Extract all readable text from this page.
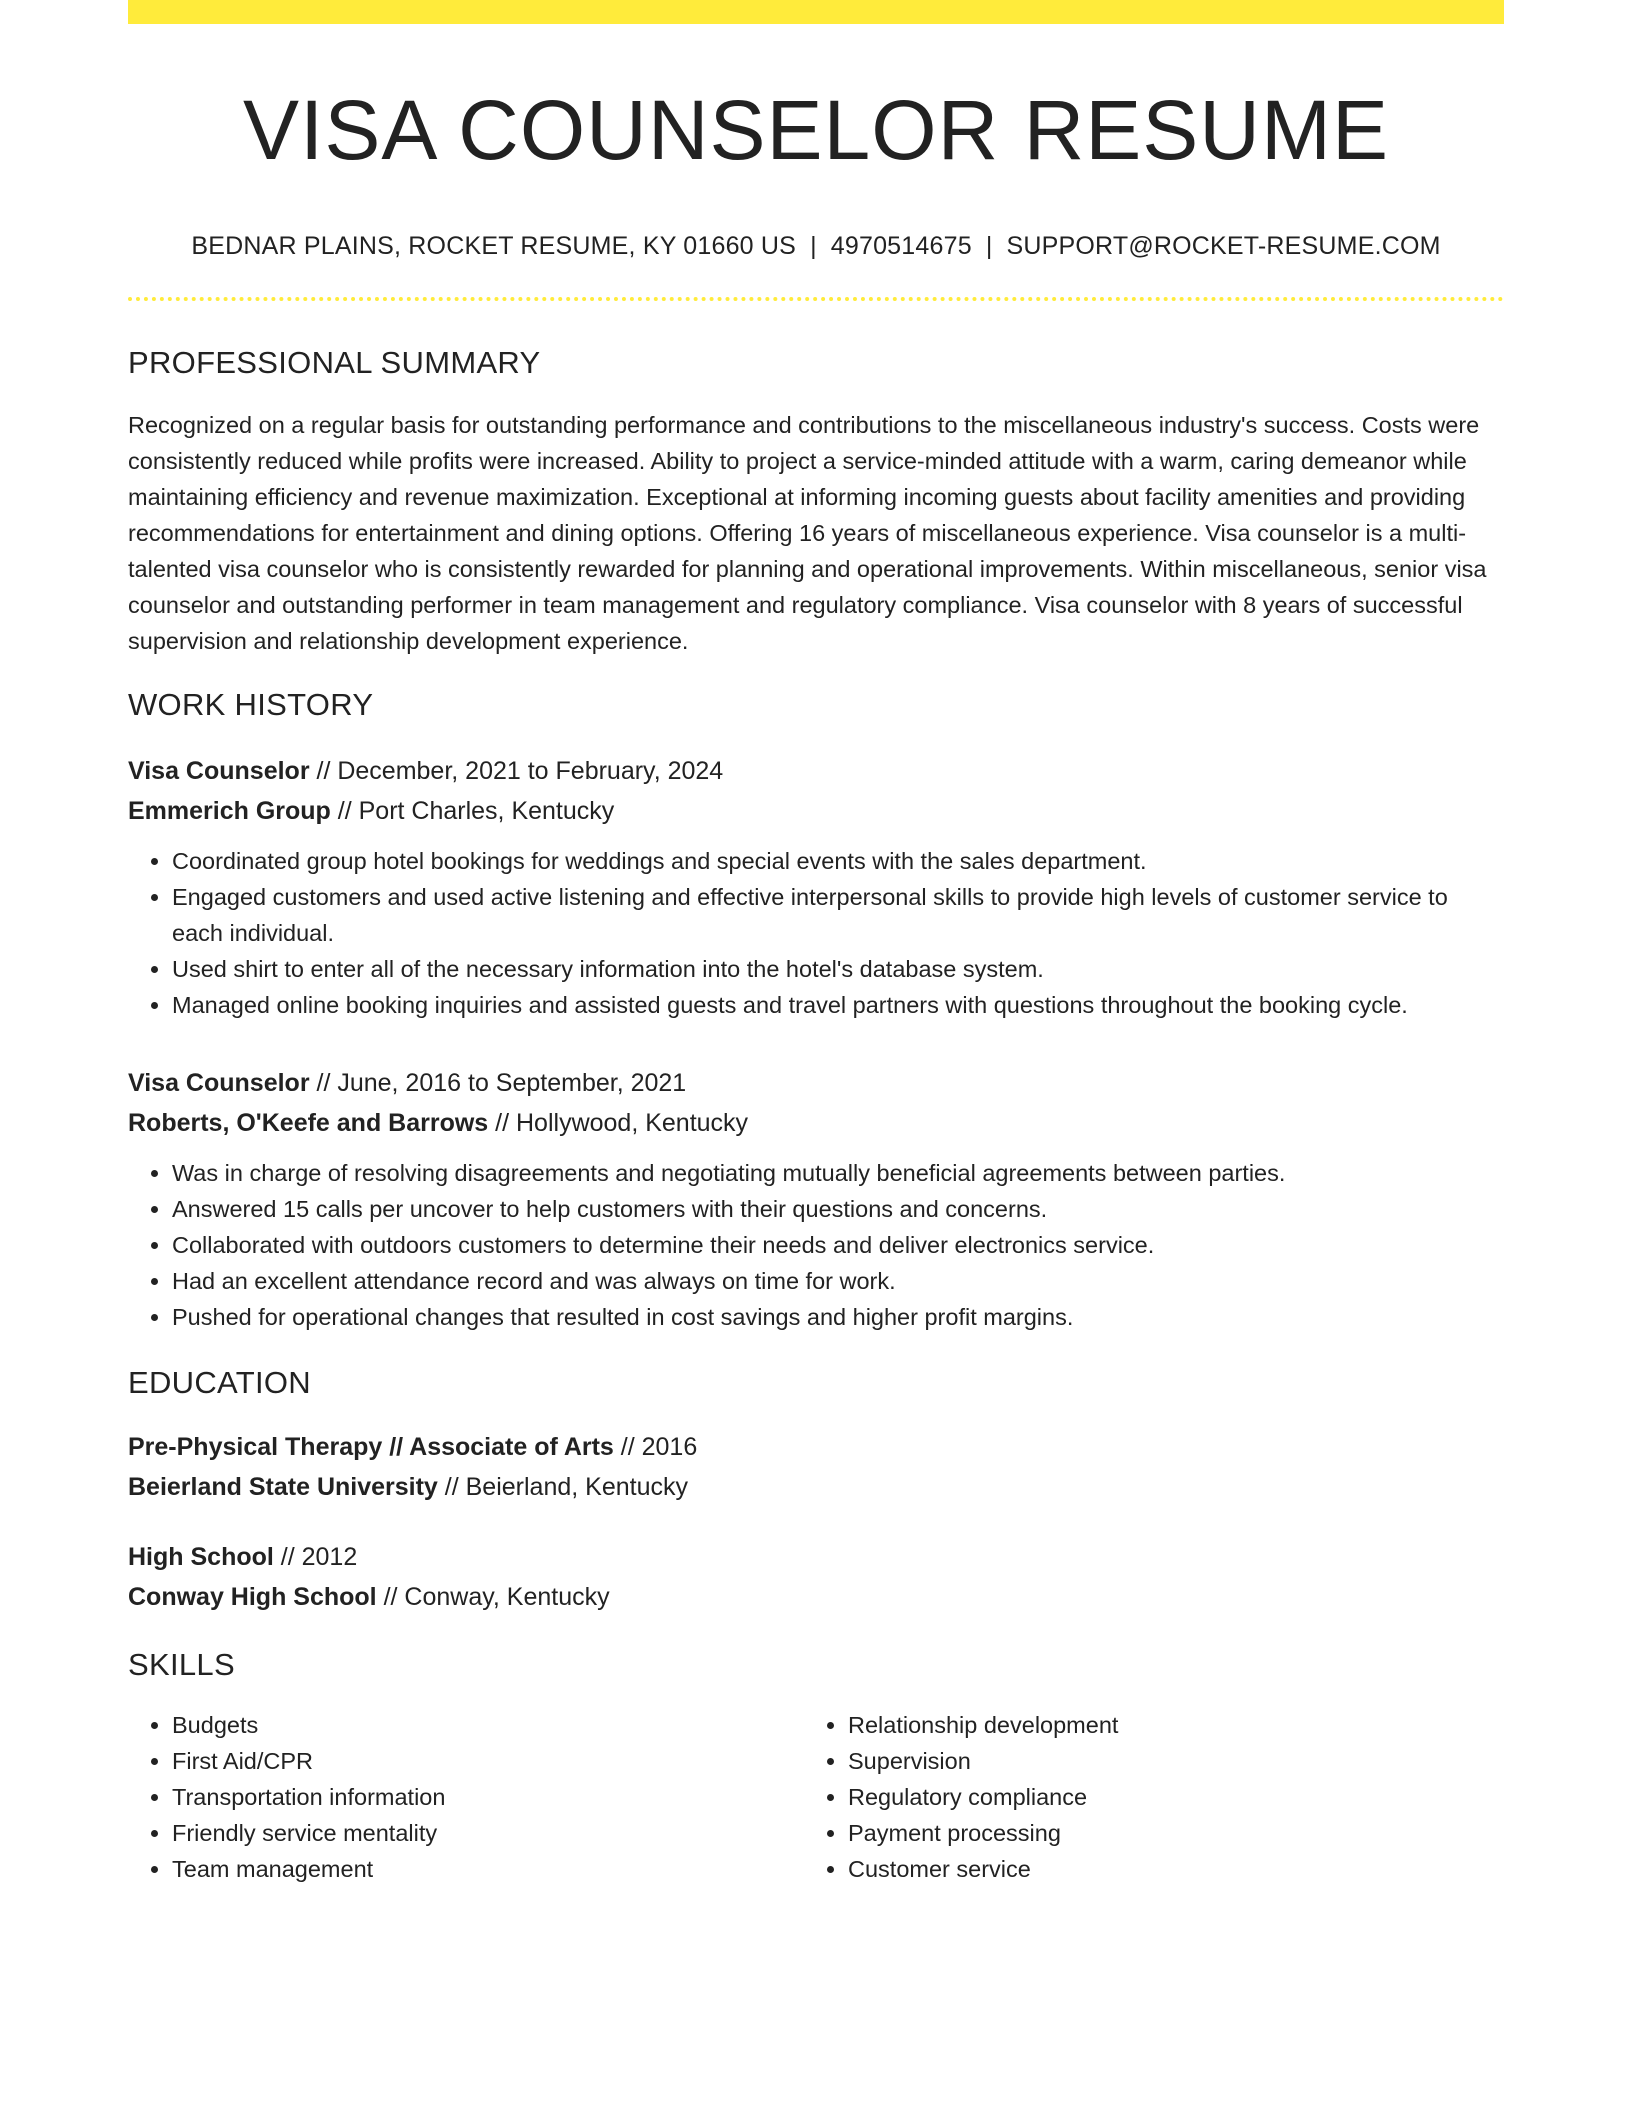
VISA COUNSELOR RESUME
BEDNAR PLAINS, ROCKET RESUME, KY 01660 US | 4970514675 | SUPPORT@ROCKET-RESUME.COM
PROFESSIONAL SUMMARY

Recognized on a regular basis for outstanding performance and contributions to the miscellaneous industry's success. Costs were consistently reduced while profits were increased. Ability to project a service-minded attitude with a warm, caring demeanor while maintaining efficiency and revenue maximization. Exceptional at informing incoming guests about facility amenities and providing recommendations for entertainment and dining options. Offering 16 years of miscellaneous experience. Visa counselor is a multi-talented visa counselor who is consistently rewarded for planning and operational improvements. Within miscellaneous, senior visa counselor and outstanding performer in team management and regulatory compliance. Visa counselor with 8 years of successful supervision and relationship development experience.

WORK HISTORY
Visa Counselor // December, 2021 to February, 2024
Emmerich Group // Port Charles, Kentucky
• Coordinated group hotel bookings for weddings and special events with the sales department.
• Engaged customers and used active listening and effective interpersonal skills to provide high levels of customer service to each individual.
• Used shirt to enter all of the necessary information into the hotel's database system.
• Managed online booking inquiries and assisted guests and travel partners with questions throughout the booking cycle.
Visa Counselor // June, 2016 to September, 2021
Roberts, O'Keefe and Barrows // Hollywood, Kentucky
• Was in charge of resolving disagreements and negotiating mutually beneficial agreements between parties.
• Answered 15 calls per uncover to help customers with their questions and concerns.
• Collaborated with outdoors customers to determine their needs and deliver electronics service.
• Had an excellent attendance record and was always on time for work.
• Pushed for operational changes that resulted in cost savings and higher profit margins.
EDUCATION
Pre-Physical Therapy // Associate of Arts // 2016
Beierland State University // Beierland, Kentucky
High School // 2012
Conway High School // Conway, Kentucky
SKILLS
• Budgets
• First Aid/CPR
• Transportation information
• Friendly service mentality
• Team management
• Relationship development
• Supervision
• Regulatory compliance
• Payment processing
• Customer service
